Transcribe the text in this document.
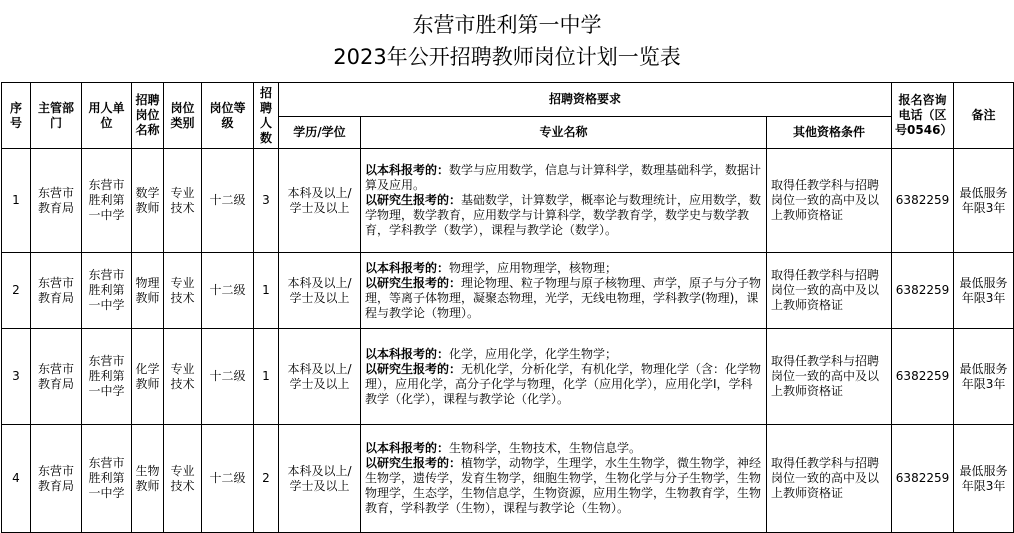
东营市胜利第一中学
2023年公开招聘教师岗位计划一览表
序号	主管部门	用人单位	招聘岗位名称	岗位类别	岗位等级	招聘人数	招聘资格要求			报名咨询电话（区号0546）	备注
							学历/学位	专业名称	其他资格条件		
1	东营市教育局	东营市胜利第一中学	数学教师	专业技术	十二级	3	本科及以上/学士及以上	以本科报考的：数学与应用数学，信息与计算科学，数理基础科学，数据计算及应用。
以研究生报考的：基础数学，计算数学，概率论与数理统计，应用数学，数学物理，数学教育，应用数学与计算科学，数学教育学，数学史与数学教育，学科教学（数学），课程与教学论（数学）。	取得任教学科与招聘岗位一致的高中及以上教师资格证	6382259	最低服务年限3年
2	东营市教育局	东营市胜利第一中学	物理教师	专业技术	十二级	1	本科及以上/学士及以上	以本科报考的：物理学，应用物理学，核物理；
以研究生报考的：理论物理、粒子物理与原子核物理、声学，原子与分子物理，等离子体物理，凝聚态物理，光学，无线电物理，学科教学(物理)，课程与教学论（物理）。	取得任教学科与招聘岗位一致的高中及以上教师资格证	6382259	最低服务年限3年
3	东营市教育局	东营市胜利第一中学	化学教师	专业技术	十二级	1	本科及以上/学士及以上	以本科报考的：化学，应用化学，化学生物学；
以研究生报考的：无机化学，分析化学，有机化学，物理化学（含：化学物理），应用化学，高分子化学与物理，化学（应用化学），应用化学Ⅰ，学科教学（化学），课程与教学论（化学）。	取得任教学科与招聘岗位一致的高中及以上教师资格证	6382259	最低服务年限3年
4	东营市教育局	东营市胜利第一中学	生物教师	专业技术	十二级	2	本科及以上/学士及以上	以本科报考的：生物科学，生物技术，生物信息学。
以研究生报考的：植物学，动物学，生理学，水生生物学，微生物学，神经生物学，遗传学，发育生物学，细胞生物学，生物化学与分子生物学，生物物理学，生态学，生物信息学，生物资源，应用生物学，生物教育学，生物教育，学科教学（生物），课程与教学论（生物）。	取得任教学科与招聘岗位一致的高中及以上教师资格证	6382259	最低服务年限3年
